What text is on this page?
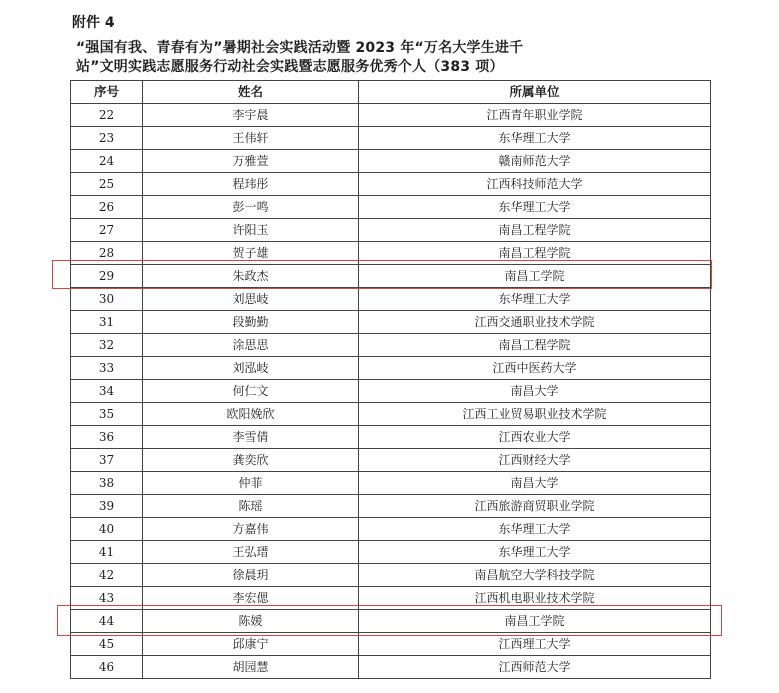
附件 4
“强国有我、青春有为”暑期社会实践活动暨 2023 年“万名大学生进千
站”文明实践志愿服务行动社会实践暨志愿服务优秀个人（383 项）
序号	姓名	所属单位
22	李宇晨	江西青年职业学院
23	王伟轩	东华理工大学
24	万雅萱	赣南师范大学
25	程玮彤	江西科技师范大学
26	彭一鸣	东华理工大学
27	许阳玉	南昌工程学院
28	贺子雄	南昌工程学院
29	朱政杰	南昌工学院
30	刘思岐	东华理工大学
31	段勤勤	江西交通职业技术学院
32	涂思思	南昌工程学院
33	刘泓岐	江西中医药大学
34	何仁文	南昌大学
35	欧阳娩欣	江西工业贸易职业技术学院
36	李雪倩	江西农业大学
37	龚奕欣	江西财经大学
38	仲菲	南昌大学
39	陈瑶	江西旅游商贸职业学院
40	方嘉伟	东华理工大学
41	王弘瑨	东华理工大学
42	徐晨玥	南昌航空大学科技学院
43	李宏偲	江西机电职业技术学院
44	陈媛	南昌工学院
45	邱康宁	江西理工大学
46	胡园慧	江西师范大学
